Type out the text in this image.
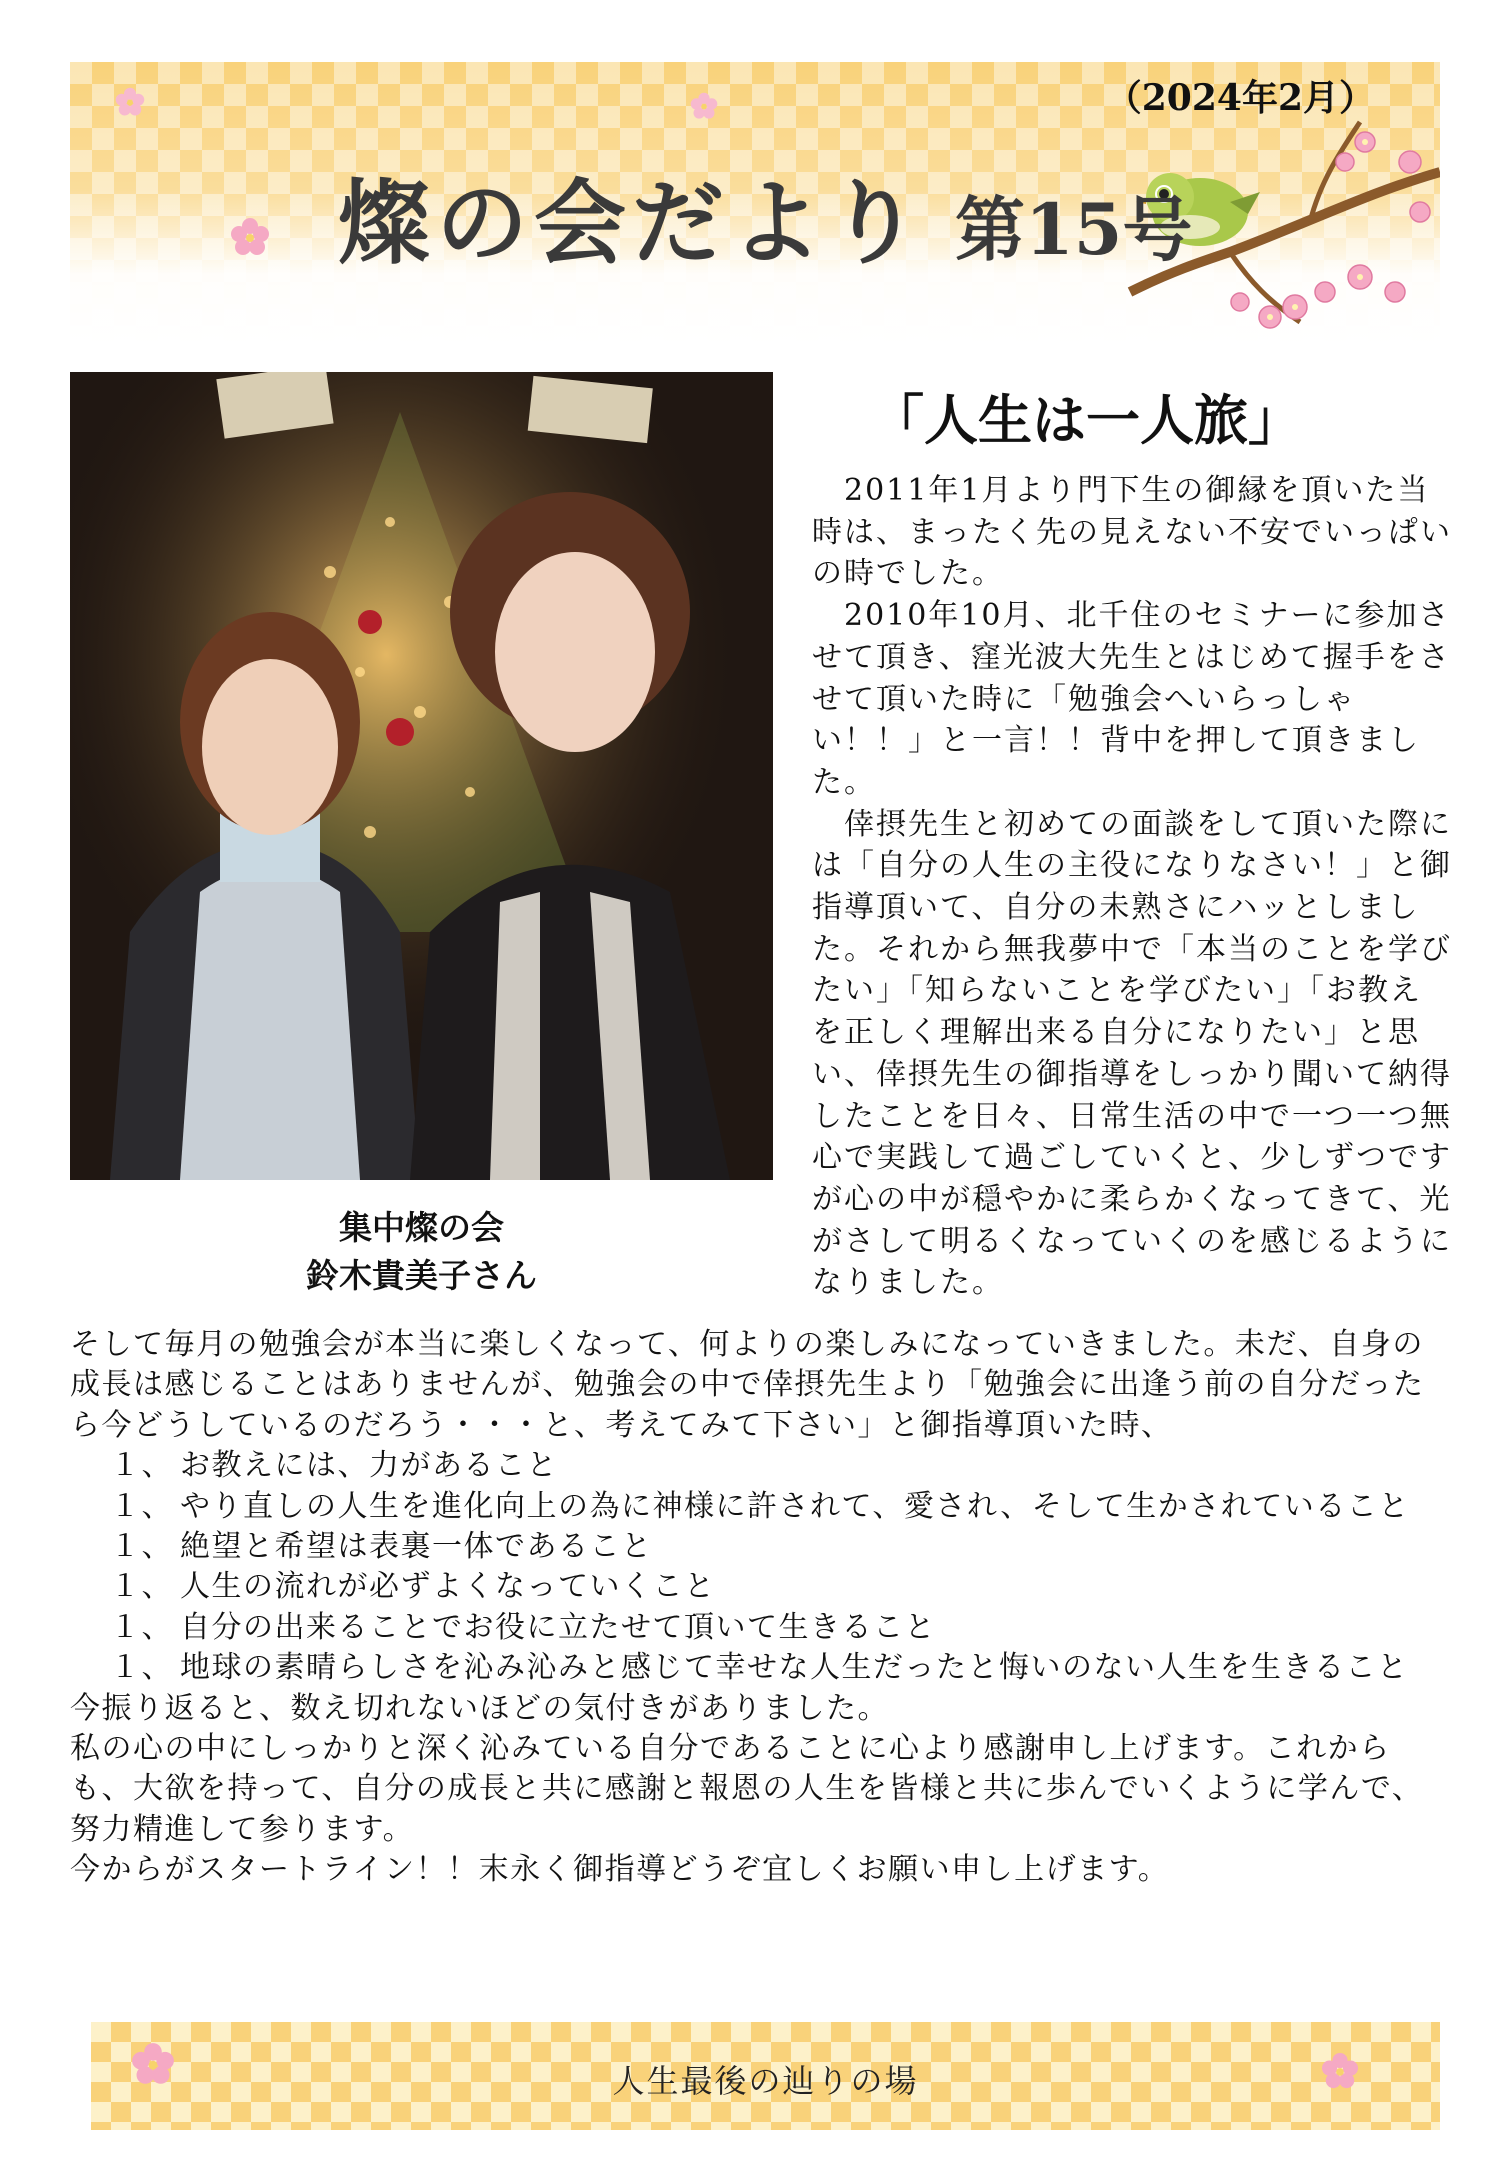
（2024年2月）
燦の会だより 第15号
集中燦の会
鈴木貴美子さん
「人生は一人旅」

　2011年1月より門下生の御縁を頂いた当時は、まったく先の見えない不安でいっぱいの時でした。

　2010年10月、北千住のセミナーに参加させて頂き、窪光波大先生とはじめて握手をさせて頂いた時に「勉強会へいらっしゃい！！」と一言！！背中を押して頂きました。

　倖摂先生と初めての面談をして頂いた際には「自分の人生の主役になりなさい！」と御指導頂いて、自分の未熟さにハッとしました。それから無我夢中で「本当のことを学びたい」「知らないことを学びたい」「お教えを正しく理解出来る自分になりたい」と思い、倖摂先生の御指導をしっかり聞いて納得したことを日々、日常生活の中で一つ一つ無心で実践して過ごしていくと、少しずつですが心の中が穏やかに柔らかくなってきて、光がさして明るくなっていくのを感じるようになりました。

そして毎月の勉強会が本当に楽しくなって、何よりの楽しみになっていきました。未だ、自身の成長は感じることはありませんが、勉強会の中で倖摂先生より「勉強会に出逢う前の自分だったら今どうしているのだろう・・・と、考えてみて下さい」と御指導頂いた時、

１、 お教えには、力があること
１、 やり直しの人生を進化向上の為に神様に許されて、愛され、そして生かされていること
１、 絶望と希望は表裏一体であること
１、 人生の流れが必ずよくなっていくこと
１、 自分の出来ることでお役に立たせて頂いて生きること
１、 地球の素晴らしさを沁み沁みと感じて幸せな人生だったと悔いのない人生を生きること

今振り返ると、数え切れないほどの気付きがありました。

私の心の中にしっかりと深く沁みている自分であることに心より感謝申し上げます。これからも、大欲を持って、自分の成長と共に感謝と報恩の人生を皆様と共に歩んでいくように学んで、努力精進して参ります。

今からがスタートライン！！末永く御指導どうぞ宜しくお願い申し上げます。

人生最後の辿りの場
